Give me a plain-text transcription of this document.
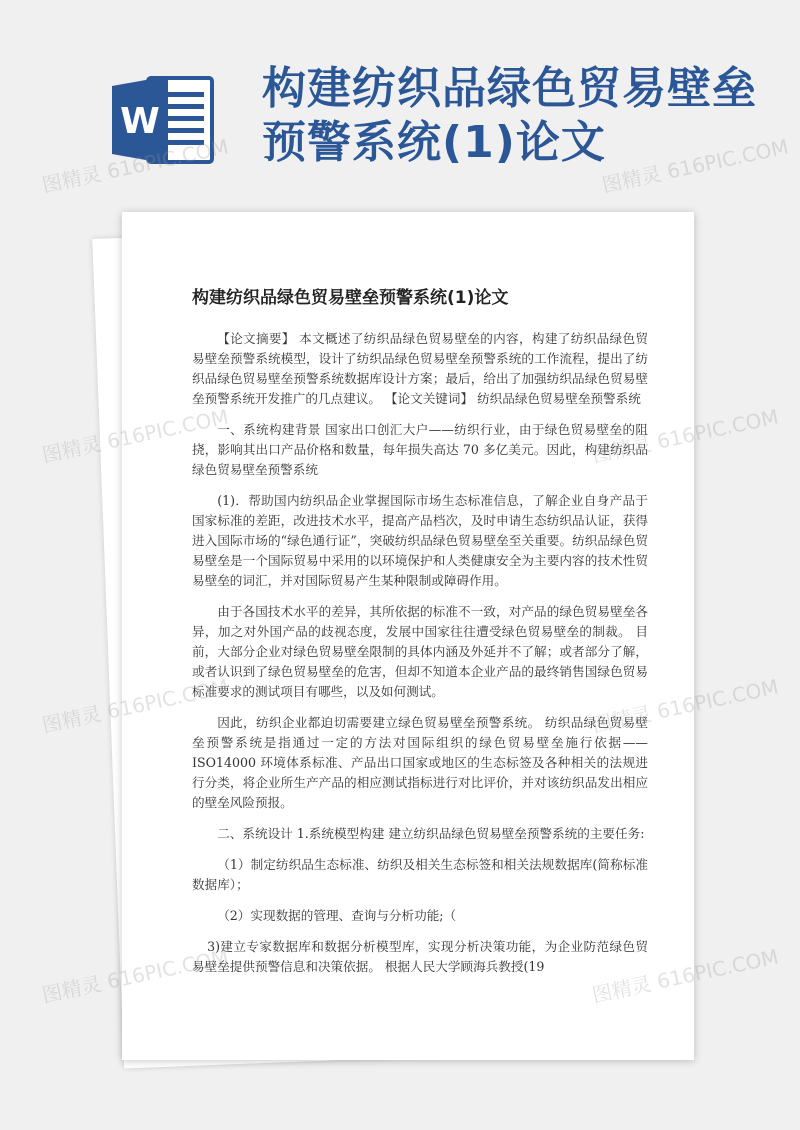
构建纺织品绿色贸易壁垒预警系统(1)论文
W
构建纺织品绿色贸易壁垒预警系统(1)论文

【论文摘要】 本文概述了纺织品绿色贸易壁垒的内容，构建了纺织品绿色贸易壁垒预警系统模型，设计了纺织品绿色贸易壁垒预警系统的工作流程，提出了纺织品绿色贸易壁垒预警系统数据库设计方案；最后，给出了加强纺织品绿色贸易壁垒预警系统开发推广的几点建议。 【论文关键词】 纺织品绿色贸易壁垒预警系统

一、系统构建背景 国家出口创汇大户——纺织行业，由于绿色贸易壁垒的阻挠，影响其出口产品价格和数量，每年损失高达 70 多亿美元。因此，构建纺织品绿色贸易壁垒预警系统

(1)．帮助国内纺织品企业掌握国际市场生态标准信息，了解企业自身产品于国家标准的差距，改进技术水平，提高产品档次，及时申请生态纺织品认证，获得进入国际市场的“绿色通行证”，突破纺织品绿色贸易壁垒至关重要。纺织品绿色贸易壁垒是一个国际贸易中采用的以环境保护和人类健康安全为主要内容的技术性贸易壁垒的词汇，并对国际贸易产生某种限制或障碍作用。

由于各国技术水平的差异，其所依据的标准不一致，对产品的绿色贸易壁垒各异，加之对外国产品的歧视态度，发展中国家往往遭受绿色贸易壁垒的制裁。 目前，大部分企业对绿色贸易壁垒限制的具体内涵及外延并不了解；或者部分了解，或者认识到了绿色贸易壁垒的危害，但却不知道本企业产品的最终销售国绿色贸易标准要求的测试项目有哪些，以及如何测试。

因此，纺织企业都迫切需要建立绿色贸易壁垒预警系统。 纺织品绿色贸易壁垒预警系统是指通过一定的方法对国际组织的绿色贸易壁垒施行依据——ISO14000 环境体系标准、产品出口国家或地区的生态标签及各种相关的法规进行分类，将企业所生产产品的相应测试指标进行对比评价，并对该纺织品发出相应的壁垒风险预报。

二、系统设计 1.系统模型构建 建立纺织品绿色贸易壁垒预警系统的主要任务:

（1）制定纺织品生态标准、纺织及相关生态标签和相关法规数据库(简称标准数据库）；

（2）实现数据的管理、查询与分析功能;（

3)建立专家数据库和数据分析模型库，实现分析决策功能，为企业防范绿色贸易壁垒提供预警信息和决策依据。 根据人民大学顾海兵教授(19

图精灵 616PIC.COM	图精灵 616PIC.COM
图精灵 616PIC.COM	图精灵 616PIC.COM
图精灵 616PIC.COM	图精灵 616PIC.COM
图精灵 616PIC.COM	图精灵 616PIC.COM
